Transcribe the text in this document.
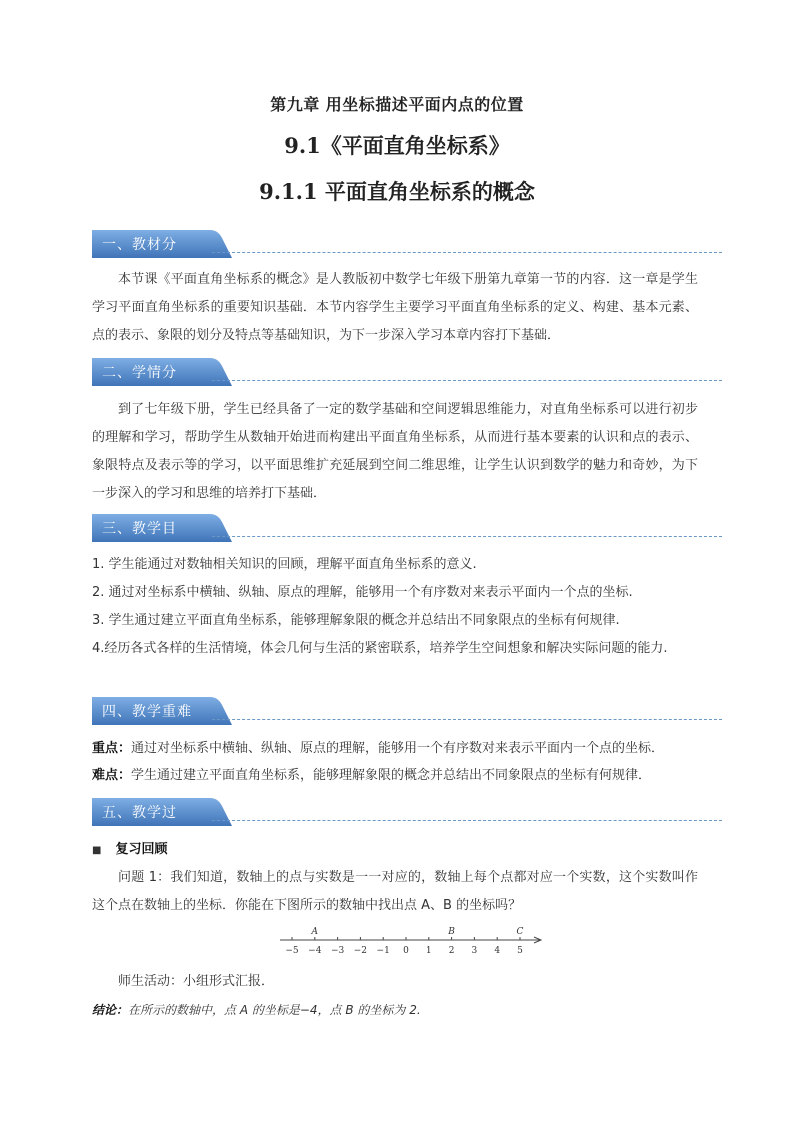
第九章 用坐标描述平面内点的位置
9.1《平面直角坐标系》
9.1.1 平面直角坐标系的概念
一、教材分
本节课《平面直角坐标系的概念》是人教版初中数学七年级下册第九章第一节的内容．这一章是学生学习平面直角坐标系的重要知识基础．本节内容学生主要学习平面直角坐标系的定义、构建、基本元素、点的表示、象限的划分及特点等基础知识，为下一步深入学习本章内容打下基础．
二、学情分
到了七年级下册，学生已经具备了一定的数学基础和空间逻辑思维能力，对直角坐标系可以进行初步的理解和学习，帮助学生从数轴开始进而构建出平面直角坐标系，从而进行基本要素的认识和点的表示、象限特点及表示等的学习，以平面思维扩充延展到空间二维思维，让学生认识到数学的魅力和奇妙，为下一步深入的学习和思维的培养打下基础．
三、教学目
1. 学生能通过对数轴相关知识的回顾，理解平面直角坐标系的意义.
2. 通过对坐标系中横轴、纵轴、原点的理解，能够用一个有序数对来表示平面内一个点的坐标.
3. 学生通过建立平面直角坐标系，能够理解象限的概念并总结出不同象限点的坐标有何规律.
4.经历各式各样的生活情境，体会几何与生活的紧密联系，培养学生空间想象和解决实际问题的能力.
四、教学重难
重点：通过对坐标系中横轴、纵轴、原点的理解，能够用一个有序数对来表示平面内一个点的坐标．
难点：学生通过建立平面直角坐标系，能够理解象限的概念并总结出不同象限点的坐标有何规律．
五、教学过
■ 复习回顾
问题 1：我们知道，数轴上的点与实数是一一对应的，数轴上每个点都对应一个实数，这个实数叫作这个点在数轴上的坐标．你能在下图所示的数轴中找出点 A、B 的坐标吗？
−5 −4 −3 −2 −1 0 1 2 3 4 5
A	B	C
师生活动：小组形式汇报．
结论：在所示的数轴中，点 A 的坐标是−4，点 B 的坐标为 2.
